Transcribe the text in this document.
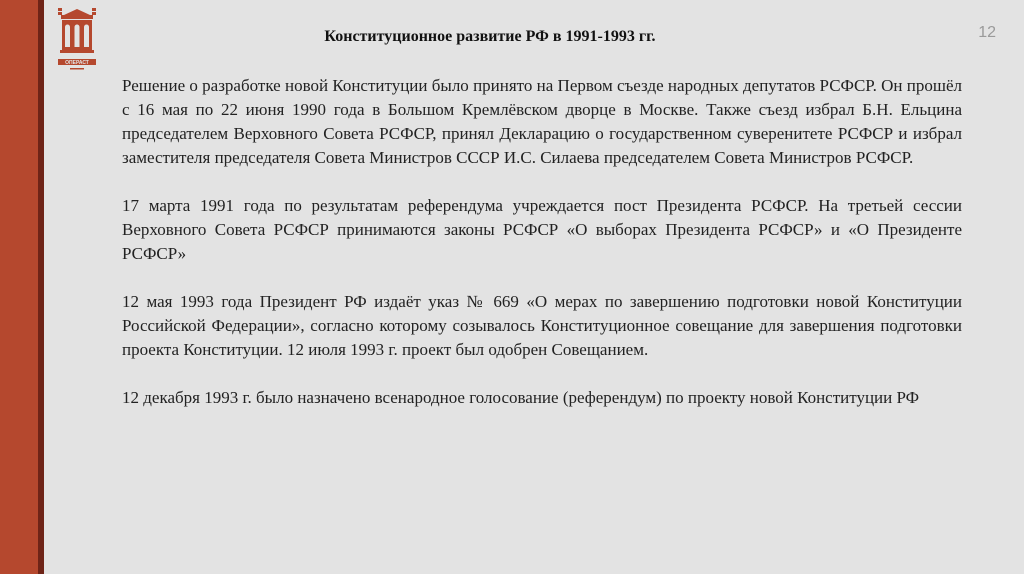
ОПЕРАСТ
12
Конституционное развитие РФ в 1991-1993 гг.

Решение о разработке новой Конституции было принято на Первом съезде народных депутатов РСФСР. Он прошёл с 16 мая по 22 июня 1990 года в Большом Кремлёвском дворце в Москве. Также съезд избрал Б.Н. Ельцина председателем Верховного Совета РСФСР, принял Декларацию о государственном суверенитете РСФСР и избрал заместителя председателя Совета Министров СССР И.С. Силаева председателем Совета Министров РСФСР.

17 марта 1991 года по результатам референдума учреждается пост Президента РСФСР. На третьей сессии Верховного Совета РСФСР принимаются законы РСФСР «О выборах Президента РСФСР» и «О Президенте РСФСР»

12 мая 1993 года Президент РФ издаёт указ № 669 «О мерах по завершению подготовки новой Конституции Российской Федерации», согласно которому созывалось Конституционное совещание для завершения подготовки проекта Конституции. 12 июля 1993 г. проект был одобрен Совещанием.

12 декабря 1993 г. было назначено всенародное голосование (референдум) по проекту новой Конституции РФ
